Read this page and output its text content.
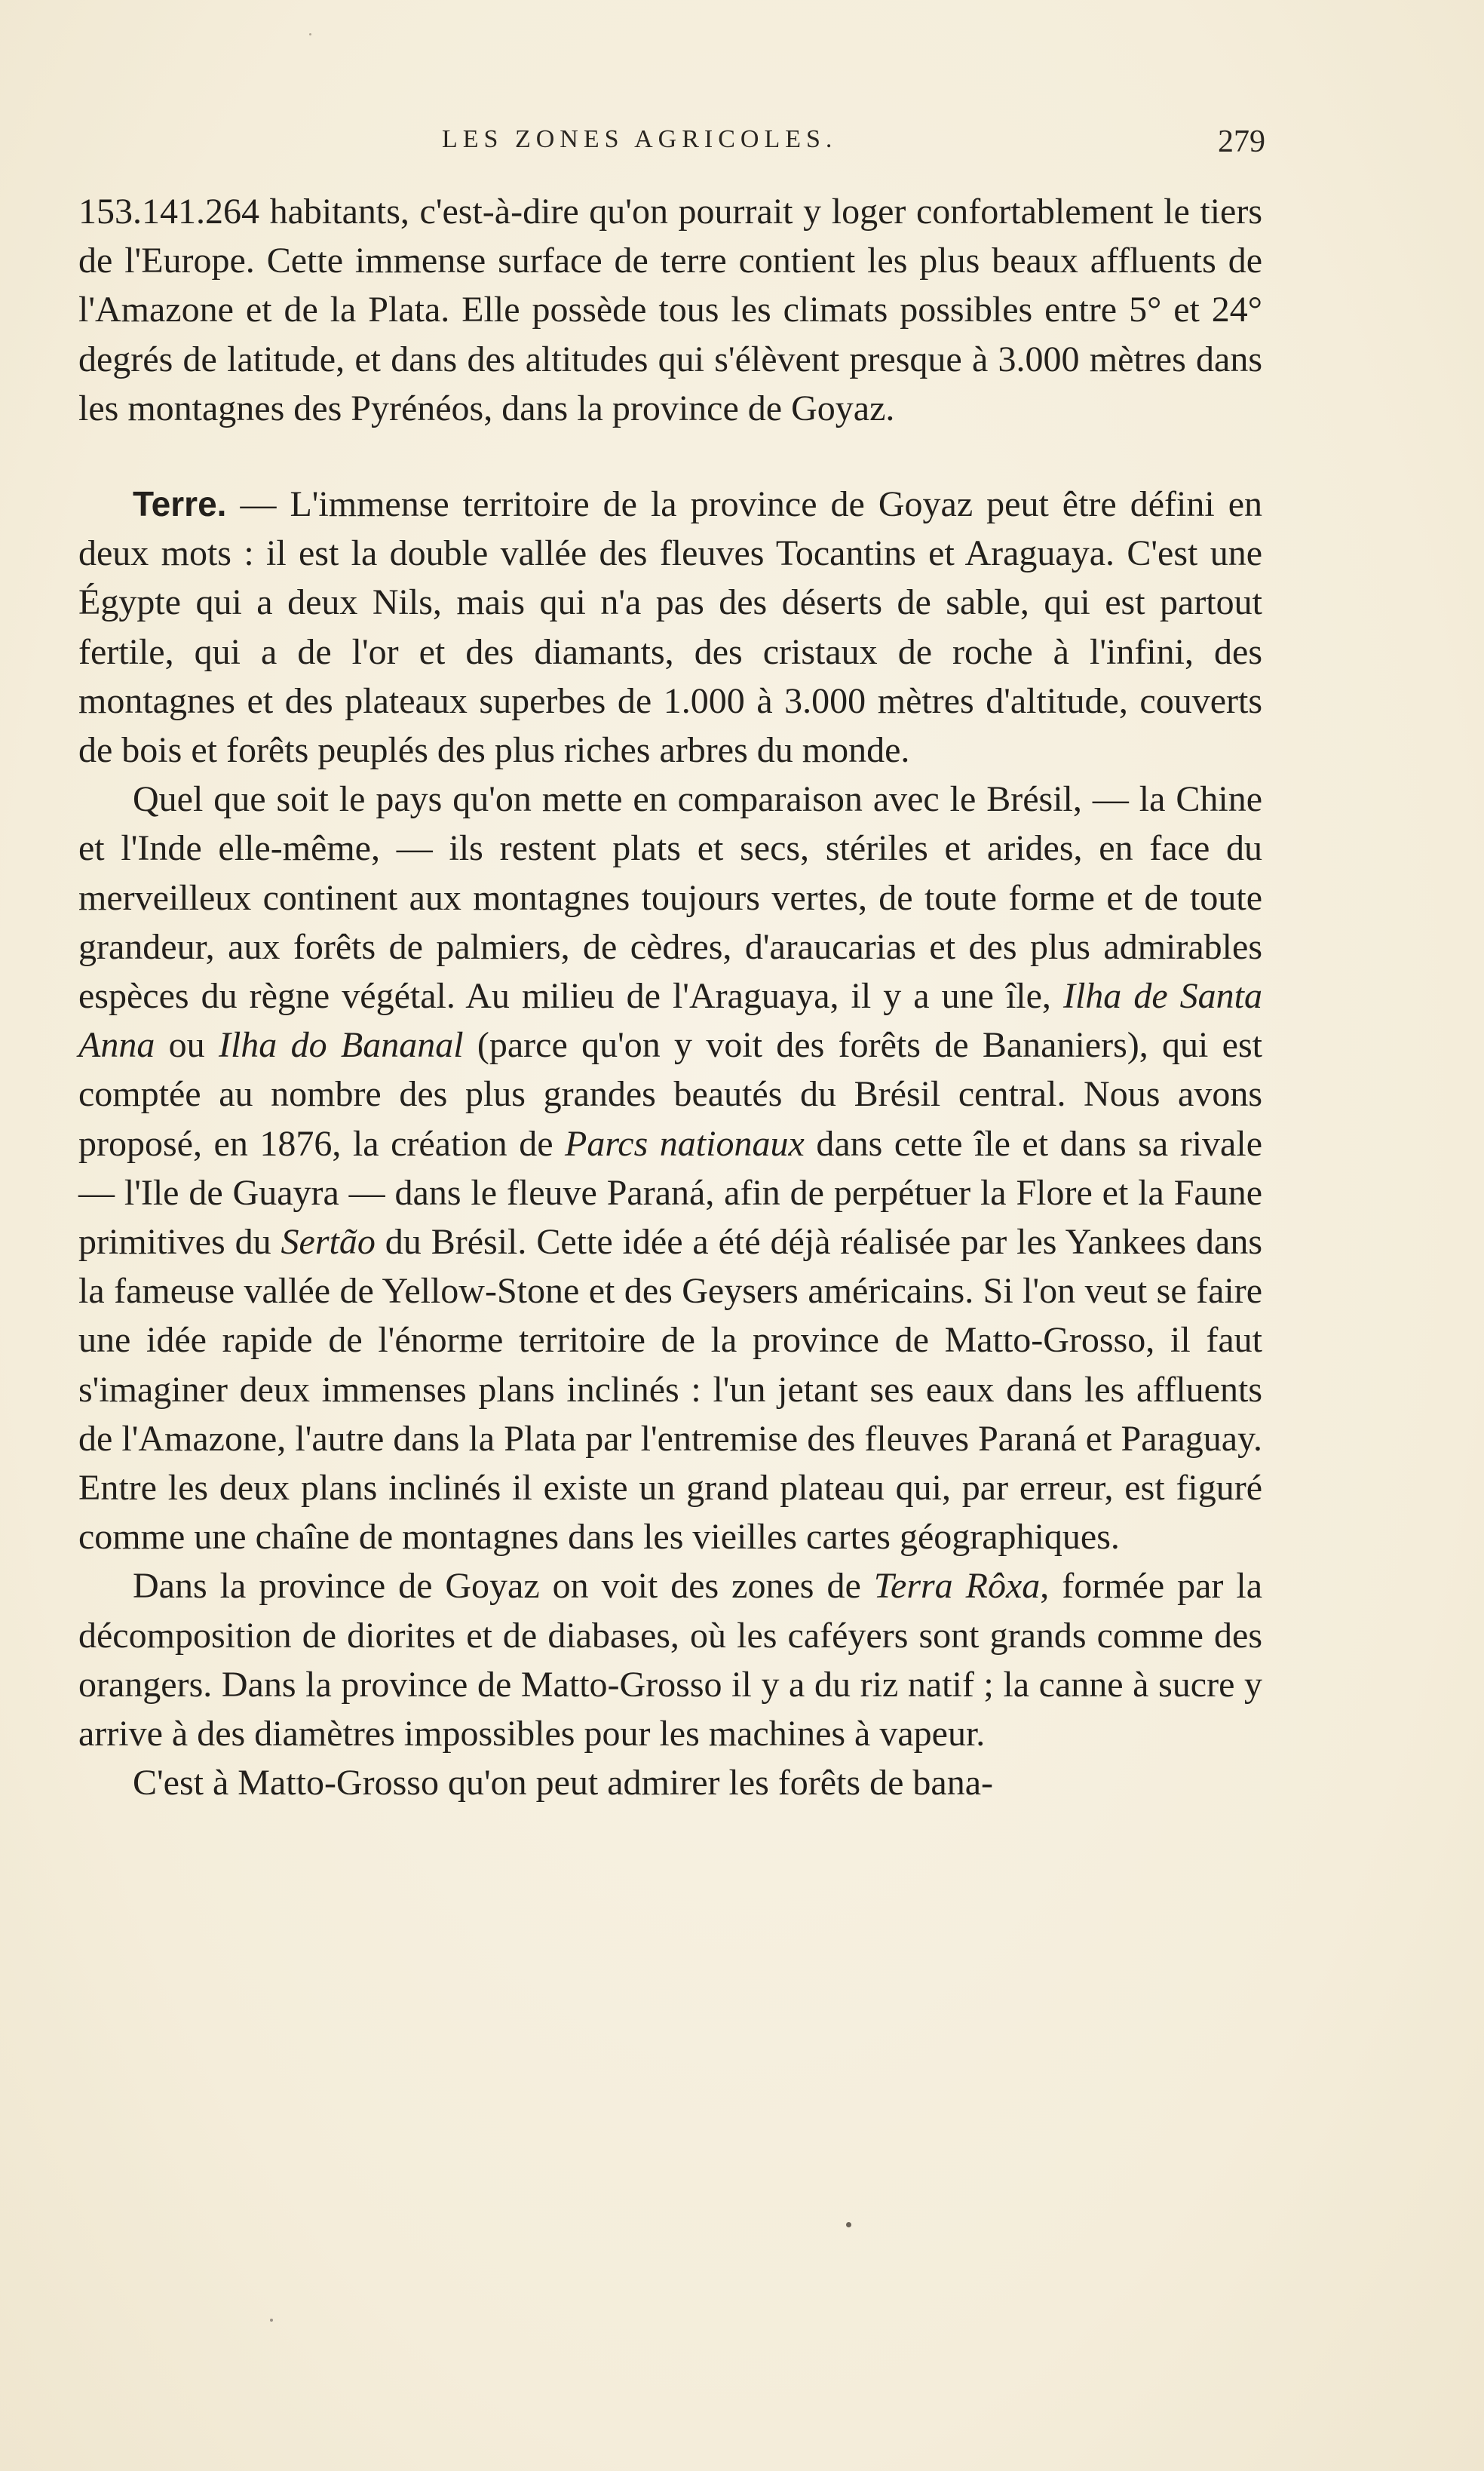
LES ZONES AGRICOLES.	279

153.141.264 habitants, c'est-à-dire qu'on pourrait y loger confortablement le tiers de l'Europe. Cette immense surface de terre contient les plus beaux affluents de l'Amazone et de la Plata. Elle possède tous les climats possibles entre 5° et 24° degrés de latitude, et dans des altitudes qui s'élèvent presque à 3.000 mètres dans les montagnes des Pyrénéos, dans la province de Goyaz.

Terre. — L'immense territoire de la province de Goyaz peut être défini en deux mots : il est la double vallée des fleuves Tocantins et Araguaya. C'est une Égypte qui a deux Nils, mais qui n'a pas des déserts de sable, qui est partout fertile, qui a de l'or et des diamants, des cristaux de roche à l'infini, des montagnes et des plateaux superbes de 1.000 à 3.000 mètres d'altitude, couverts de bois et forêts peuplés des plus riches arbres du monde.

Quel que soit le pays qu'on mette en comparaison avec le Brésil, — la Chine et l'Inde elle-même, — ils restent plats et secs, stériles et arides, en face du merveilleux continent aux montagnes toujours vertes, de toute forme et de toute grandeur, aux forêts de palmiers, de cèdres, d'araucarias et des plus admirables espèces du règne végétal. Au milieu de l'Araguaya, il y a une île, Ilha de Santa Anna ou Ilha do Bananal (parce qu'on y voit des forêts de Bananiers), qui est comptée au nombre des plus grandes beautés du Brésil central. Nous avons proposé, en 1876, la création de Parcs nationaux dans cette île et dans sa rivale — l'Ile de Guayra — dans le fleuve Paraná, afin de perpétuer la Flore et la Faune primitives du Sertão du Brésil. Cette idée a été déjà réalisée par les Yankees dans la fameuse vallée de Yellow-Stone et des Geysers américains. Si l'on veut se faire une idée rapide de l'énorme territoire de la province de Matto-Grosso, il faut s'imaginer deux immenses plans inclinés : l'un jetant ses eaux dans les affluents de l'Amazone, l'autre dans la Plata par l'entremise des fleuves Paraná et Paraguay. Entre les deux plans inclinés il existe un grand plateau qui, par erreur, est figuré comme une chaîne de montagnes dans les vieilles cartes géographiques.

Dans la province de Goyaz on voit des zones de Terra Rôxa, formée par la décomposition de diorites et de diabases, où les caféyers sont grands comme des orangers. Dans la province de Matto-Grosso il y a du riz natif ; la canne à sucre y arrive à des diamètres impossibles pour les machines à vapeur.

C'est à Matto-Grosso qu'on peut admirer les forêts de bana-
